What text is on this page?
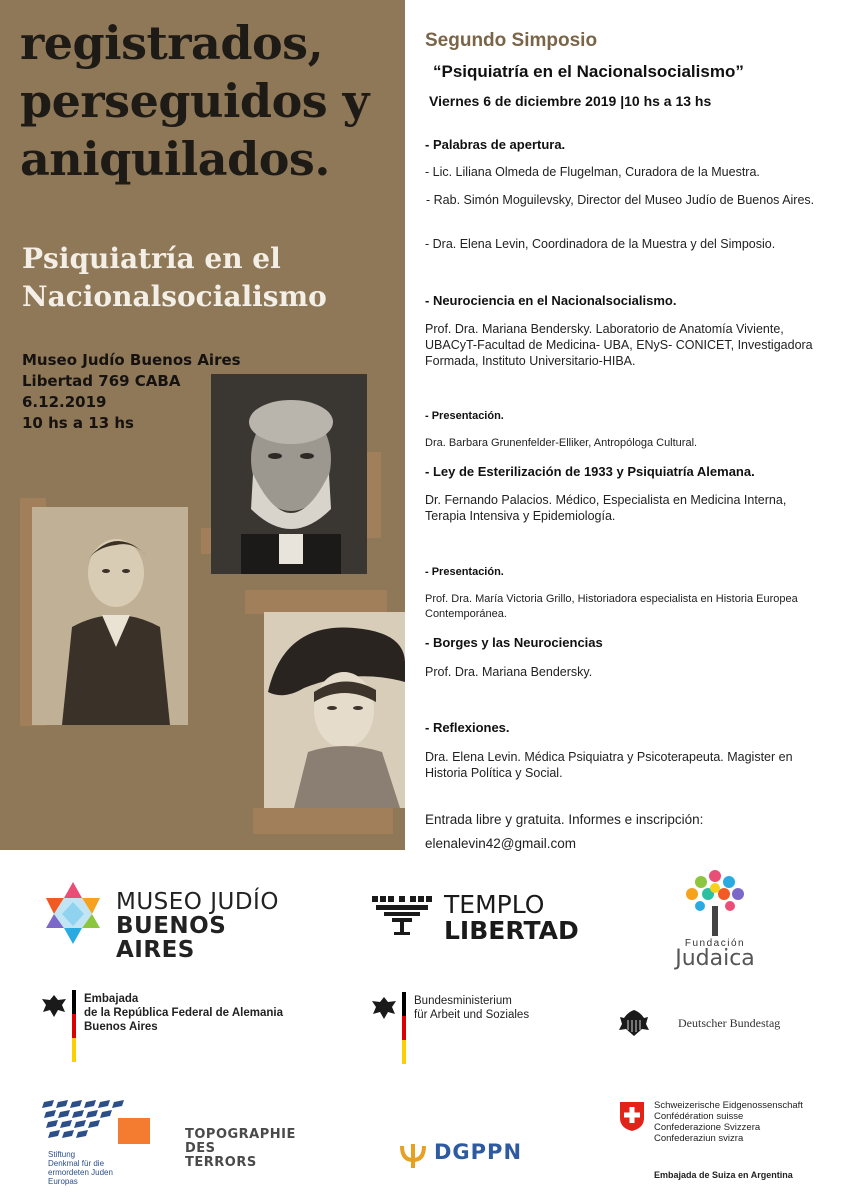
registrados,
perseguidos y
aniquilados.
Psiquiatría en el
Nacionalsocialismo
Museo Judío Buenos Aires
Libertad 769 CABA
6.12.2019
10 hs a 13 hs
Segundo Simposio
“Psiquiatría en el Nacionalsocialismo”
Viernes 6 de diciembre 2019 |10 hs a 13 hs
- Palabras de apertura.
- Lic. Liliana Olmeda de Flugelman, Curadora de la Muestra.
- Rab. Simón Moguilevsky, Director del Museo Judío de Buenos Aires.
- Dra. Elena Levin, Coordinadora de la Muestra y del Simposio.
- Neurociencia en el Nacionalsocialismo.
Prof. Dra. Mariana Bendersky. Laboratorio de Anatomía Viviente, UBACyT-Facultad de Medicina- UBA, ENyS- CONICET, Investigadora Formada, Instituto Universitario-HIBA.
- Presentación.
Dra. Barbara Grunenfelder-Elliker, Antropóloga Cultural.
- Ley de Esterilización de 1933 y Psiquiatría Alemana.
Dr. Fernando Palacios. Médico, Especialista en Medicina Interna, Terapia Intensiva y Epidemiología.
- Presentación.
Prof. Dra. María Victoria Grillo, Historiadora especialista en Historia Europea Contemporánea.
- Borges y las Neurociencias
Prof. Dra. Mariana Bendersky.
- Reflexiones.
Dra. Elena Levin. Médica Psiquiatra y Psicoterapeuta. Magister en Historia Política y Social.
Entrada libre y gratuita. Informes e inscripción:
elenalevin42@gmail.com
MUSEO JUDÍO
BUENOS AIRES
TEMPLO
LIBERTAD	Fundación
Judaica
Embajada
de la República Federal de Alemania
Buenos Aires
Bundesministerium
für Arbeit und Soziales
Deutscher Bundestag
Stiftung
Denkmal für die
ermordeten Juden
Europas
TOPOGRAPHIE
DES
TERRORS	DGPPN
Schweizerische Eidgenossenschaft
Confédération suisse
Confederazione Svizzera
Confederaziun svizra
Embajada de Suiza en Argentina
